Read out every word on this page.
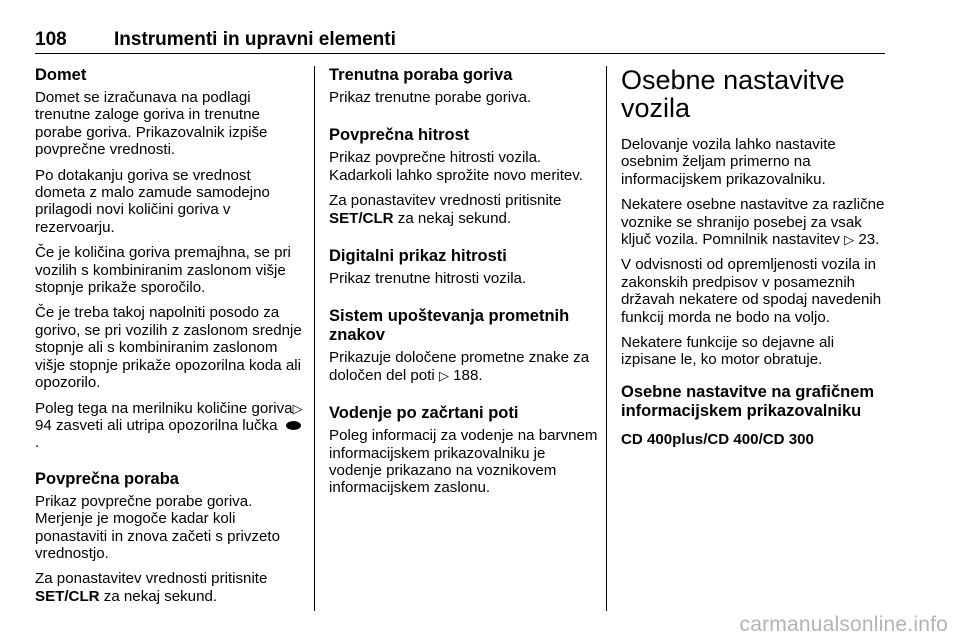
108 Instrumenti in upravni elementi
Domet

Domet se izračunava na podlagi trenutne zaloge goriva in trenutne porabe goriva. Prikazovalnik izpiše povprečne vrednosti.

Po dotakanju goriva se vrednost dometa z malo zamude samodejno prilagodi novi količini goriva v rezervoarju.

Če je količina goriva premajhna, se pri vozilih s kombiniranim zaslonom višje stopnje prikaže sporočilo.

Če je treba takoj napolniti posodo za gorivo, se pri vozilih z zaslonom srednje stopnje ali s kombiniranim zaslonom višje stopnje prikaže opozorilna koda ali opozorilo.

Poleg tega na merilniku količine goriva▷ 94 zasveti ali utripa opozorilna lučka .

Povprečna poraba

Prikaz povprečne porabe goriva. Merjenje je mogoče kadar koli ponastaviti in znova začeti s privzeto vrednostjo.

Za ponastavitev vrednosti pritisnite SET/CLR za nekaj sekund.

Trenutna poraba goriva

Prikaz trenutne porabe goriva.

Povprečna hitrost

Prikaz povprečne hitrosti vozila. Kadarkoli lahko sprožite novo meritev.

Za ponastavitev vrednosti pritisnite SET/CLR za nekaj sekund.

Digitalni prikaz hitrosti

Prikaz trenutne hitrosti vozila.

Sistem upoštevanja prometnih znakov

Prikazuje določene prometne znake za določen del poti ▷ 188.

Vodenje po začrtani poti

Poleg informacij za vodenje na barvnem informacijskem prikazovalniku je vodenje prikazano na voznikovem informacijskem zaslonu.

Osebne nastavitve vozila

Delovanje vozila lahko nastavite osebnim željam primerno na informacijskem prikazovalniku.

Nekatere osebne nastavitve za različne voznike se shranijo posebej za vsak ključ vozila. Pomnilnik nastavitev ▷ 23.

V odvisnosti od opremljenosti vozila in zakonskih predpisov v posameznih državah nekatere od spodaj navedenih funkcij morda ne bodo na voljo.

Nekatere funkcije so dejavne ali izpisane le, ko motor obratuje.

Osebne nastavitve na grafičnem informacijskem prikazovalniku
CD 400plus/CD 400/CD 300
carmanualsonline.info
